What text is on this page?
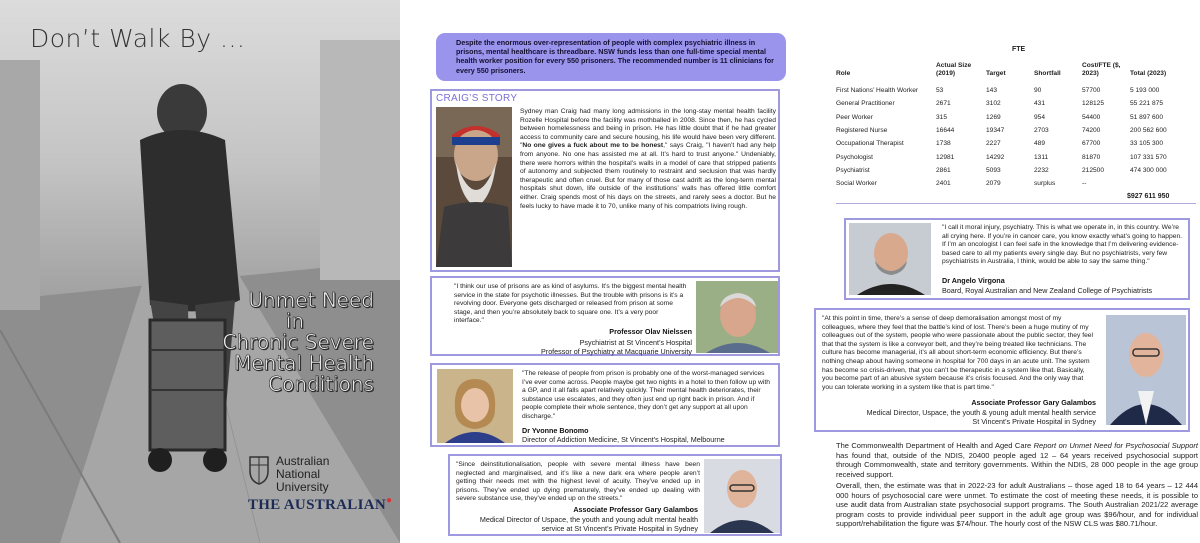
Don’t Walk By ...
Unmet Need
in
Chronic Severe
Mental Health
Conditions
Australian
National
University
THE AUSTRALIAN●
Despite the enormous over-representation of people with complex psychiatric illness in prisons, mental healthcare is threadbare. NSW funds less than one full-time special mental health worker position for every 550 prisoners. The recommended number is 11 clinicians for every 550 prisoners.
CRAIG’S STORY
Sydney man Craig had many long admissions in the long-stay mental health facility Rozelle Hospital before the facility was mothballed in 2008. Since then, he has cycled between homelessness and being in prison. He has little doubt that if he had greater access to community care and secure housing, his life would have been very different. "No one gives a fuck about me to be honest," says Craig, "I haven’t had any help from anyone. No one has assisted me at all. It’s hard to trust anyone." Undeniably, there were horrors within the hospital’s walls in a model of care that stripped patients of autonomy and subjected them routinely to restraint and seclusion that was hardly therapeutic and often cruel. But for many of those cast adrift as the long-term mental hospitals shut down, life outside of the institutions’ walls has offered little comfort either. Craig spends most of his days on the streets, and rarely sees a doctor. But he feels lucky to have made it to 70, unlike many of his compatriots living rough.
"I think our use of prisons are as kind of asylums. It’s the biggest mental health service in the state for psychotic illnesses. But the trouble with prisons is it’s a revolving door. Everyone gets discharged or released from prison at some stage, and then you’re absolutely back to square one. It’s a very poor interface."
Professor Olav Nielssen
Psychiatrist at St Vincent’s Hospital
Professor of Psychiatry at Macquarie University
"The release of people from prison is probably one of the worst-managed services I’ve ever come across. People maybe get two nights in a hotel to then follow up with a GP, and it all falls apart relatively quickly. Their mental health deteriorates, their substance use escalates, and they often just end up right back in prison. And if people complete their whole sentence, they don’t get any support at all upon discharge."
Dr Yvonne Bonomo
Director of Addiction Medicine, St Vincent’s Hospital, Melbourne
"Since deinstitutionalisation, people with severe mental illness have been neglected and marginalised, and it’s like a new dark era where people aren’t getting their needs met with the highest level of acuity. They’ve ended up in prisons. They’ve ended up dying prematurely, they’ve ended up dealing with severe substance use, they’ve ended up on the streets."
Associate Professor Gary Galambos
Medical Director of Uspace, the youth and young adult mental health
service at St Vincent’s Private Hospital in Sydney
FTE
Role	Actual Size (2019)	Target	Shortfall	Cost/FTE ($, 2023)	Total (2023)
First Nations’ Health Worker	53	143	90	57700	5 193 000
General Practitioner	2671	3102	431	128125	55 221 875
Peer Worker	315	1269	954	54400	51 897 600
Registered Nurse	16644	19347	2703	74200	200 562 600
Occupational Therapist	1738	2227	489	67700	33 105 300
Psychologist	12981	14292	1311	81870	107 331 570
Psychiatrist	2861	5093	2232	212500	474 300 000
Social Worker	2401	2079	surplus	--	
$927 611 950
"I call it moral injury, psychiatry. This is what we operate in, in this country. We’re all crying here. If you’re in cancer care, you know exactly what’s going to happen. If I’m an oncologist I can feel safe in the knowledge that I’m delivering evidence-based care to all my patients every single day. But no psychiatrists, very few psychiatrists in Australia, I think, would be able to say the same thing."
Dr Angelo Virgona
Board, Royal Australian and New Zealand College of Psychiatrists
"At this point in time, there’s a sense of deep demoralisation amongst most of my colleagues, where they feel that the battle’s kind of lost. There’s been a huge mutiny of my colleagues out of the system, people who were passionate about the public sector, they feel that that the system is like a conveyor belt, and they’re being treated like technicians. The culture has become managerial, it’s all about short-term economic efficiency. But there’s nothing cheap about having someone in hospital for 700 days in an acute unit. The system has become so crisis-driven, that you can’t be therapeutic in a system like that. Basically, you become part of an abusive system because it’s crisis focused. And the only way that you can tolerate working in a system like that is part time."
Associate Professor Gary Galambos
Medical Director, Uspace, the youth & young adult mental health service
St Vincent’s Private Hospital in Sydney
The Commonwealth Department of Health and Aged Care Report on Unmet Need for Psychosocial Support has found that, outside of the NDIS, 20400 people aged 12 – 64 years received psychosocial support through Commonwealth, state and territory governments. Within the NDIS, 28 000 people in the age group received support.
Overall, then, the estimate was that in 2022-23 for adult Australians – those aged 18 to 64 years – 12 444 000 hours of psychosocial care were unmet. To estimate the cost of meeting these needs, it is possible to use audit data from Australian state psychosocial support programs. The South Australian 2021/22 average program costs to provide individual peer support in the adult age group was $96/hour, and for individual support/rehabilitation the figure was $74/hour. The hourly cost of the NSW CLS was $80.71/hour.
